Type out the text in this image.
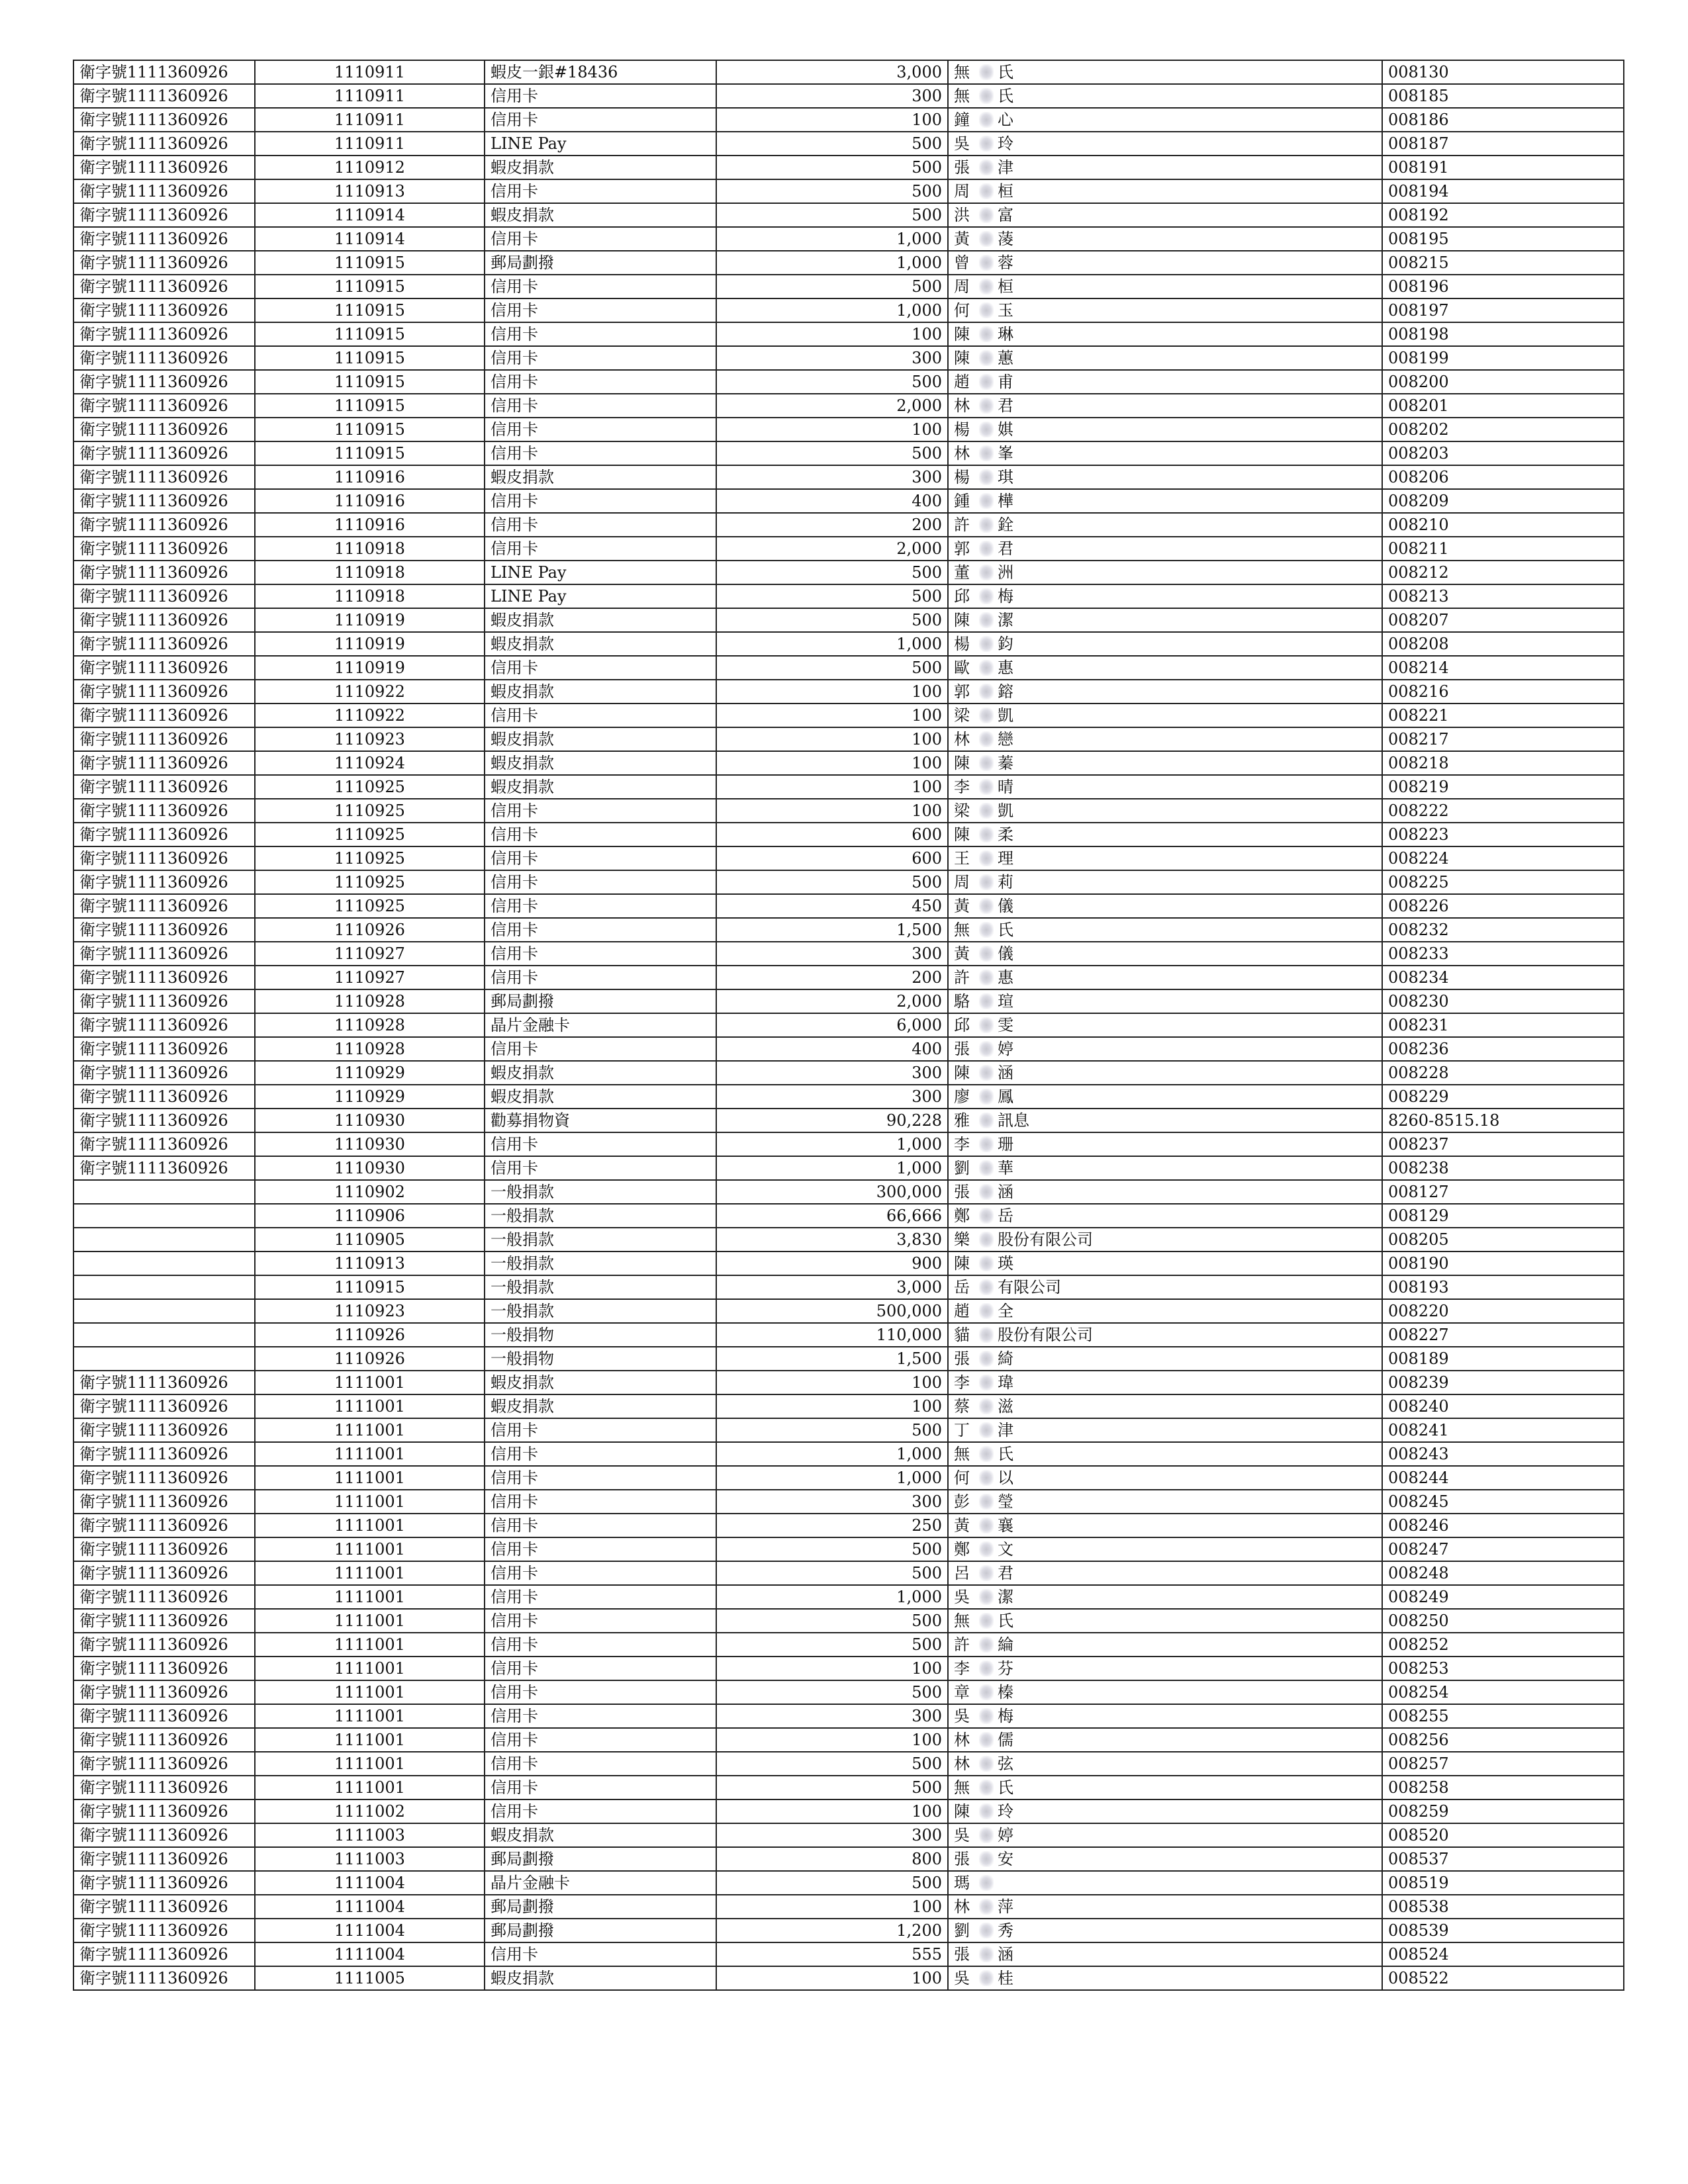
衛字號1111360926	1110911	蝦皮一銀#18436	3,000	無 氏	008130
衛字號1111360926	1110911	信用卡	300	無 氏	008185
衛字號1111360926	1110911	信用卡	100	鐘 心	008186
衛字號1111360926	1110911	LINE Pay	500	吳 玲	008187
衛字號1111360926	1110912	蝦皮捐款	500	張 津	008191
衛字號1111360926	1110913	信用卡	500	周 桓	008194
衛字號1111360926	1110914	蝦皮捐款	500	洪 富	008192
衛字號1111360926	1110914	信用卡	1,000	黃 蓤	008195
衛字號1111360926	1110915	郵局劃撥	1,000	曾 蓉	008215
衛字號1111360926	1110915	信用卡	500	周 桓	008196
衛字號1111360926	1110915	信用卡	1,000	何 玉	008197
衛字號1111360926	1110915	信用卡	100	陳 琳	008198
衛字號1111360926	1110915	信用卡	300	陳 蕙	008199
衛字號1111360926	1110915	信用卡	500	趙 甫	008200
衛字號1111360926	1110915	信用卡	2,000	林 君	008201
衛字號1111360926	1110915	信用卡	100	楊 娸	008202
衛字號1111360926	1110915	信用卡	500	林 峯	008203
衛字號1111360926	1110916	蝦皮捐款	300	楊 琪	008206
衛字號1111360926	1110916	信用卡	400	鍾 樺	008209
衛字號1111360926	1110916	信用卡	200	許 銓	008210
衛字號1111360926	1110918	信用卡	2,000	郭 君	008211
衛字號1111360926	1110918	LINE Pay	500	董 洲	008212
衛字號1111360926	1110918	LINE Pay	500	邱 梅	008213
衛字號1111360926	1110919	蝦皮捐款	500	陳 潔	008207
衛字號1111360926	1110919	蝦皮捐款	1,000	楊 鈞	008208
衛字號1111360926	1110919	信用卡	500	歐 惠	008214
衛字號1111360926	1110922	蝦皮捐款	100	郭 鎔	008216
衛字號1111360926	1110922	信用卡	100	梁 凱	008221
衛字號1111360926	1110923	蝦皮捐款	100	林 戀	008217
衛字號1111360926	1110924	蝦皮捐款	100	陳 蓁	008218
衛字號1111360926	1110925	蝦皮捐款	100	李 晴	008219
衛字號1111360926	1110925	信用卡	100	梁 凱	008222
衛字號1111360926	1110925	信用卡	600	陳 柔	008223
衛字號1111360926	1110925	信用卡	600	王 理	008224
衛字號1111360926	1110925	信用卡	500	周 莉	008225
衛字號1111360926	1110925	信用卡	450	黃 儀	008226
衛字號1111360926	1110926	信用卡	1,500	無 氏	008232
衛字號1111360926	1110927	信用卡	300	黃 儀	008233
衛字號1111360926	1110927	信用卡	200	許 惠	008234
衛字號1111360926	1110928	郵局劃撥	2,000	駱 瑄	008230
衛字號1111360926	1110928	晶片金融卡	6,000	邱 雯	008231
衛字號1111360926	1110928	信用卡	400	張 婷	008236
衛字號1111360926	1110929	蝦皮捐款	300	陳 涵	008228
衛字號1111360926	1110929	蝦皮捐款	300	廖 鳳	008229
衛字號1111360926	1110930	勸募捐物資	90,228	雅 訊息	8260-8515.18
衛字號1111360926	1110930	信用卡	1,000	李 珊	008237
衛字號1111360926	1110930	信用卡	1,000	劉 華	008238
	1110902	一般捐款	300,000	張 涵	008127
	1110906	一般捐款	66,666	鄭 岳	008129
	1110905	一般捐款	3,830	樂 股份有限公司	008205
	1110913	一般捐款	900	陳 瑛	008190
	1110915	一般捐款	3,000	岳 有限公司	008193
	1110923	一般捐款	500,000	趙 全	008220
	1110926	一般捐物	110,000	貓 股份有限公司	008227
	1110926	一般捐物	1,500	張 綺	008189
衛字號1111360926	1111001	蝦皮捐款	100	李 瑋	008239
衛字號1111360926	1111001	蝦皮捐款	100	蔡 滋	008240
衛字號1111360926	1111001	信用卡	500	丁 津	008241
衛字號1111360926	1111001	信用卡	1,000	無 氏	008243
衛字號1111360926	1111001	信用卡	1,000	何 以	008244
衛字號1111360926	1111001	信用卡	300	彭 瑩	008245
衛字號1111360926	1111001	信用卡	250	黃 襄	008246
衛字號1111360926	1111001	信用卡	500	鄭 文	008247
衛字號1111360926	1111001	信用卡	500	呂 君	008248
衛字號1111360926	1111001	信用卡	1,000	吳 潔	008249
衛字號1111360926	1111001	信用卡	500	無 氏	008250
衛字號1111360926	1111001	信用卡	500	許 綸	008252
衛字號1111360926	1111001	信用卡	100	李 芬	008253
衛字號1111360926	1111001	信用卡	500	章 榛	008254
衛字號1111360926	1111001	信用卡	300	吳 梅	008255
衛字號1111360926	1111001	信用卡	100	林 儒	008256
衛字號1111360926	1111001	信用卡	500	林 弦	008257
衛字號1111360926	1111001	信用卡	500	無 氏	008258
衛字號1111360926	1111002	信用卡	100	陳 玲	008259
衛字號1111360926	1111003	蝦皮捐款	300	吳 婷	008520
衛字號1111360926	1111003	郵局劃撥	800	張 安	008537
衛字號1111360926	1111004	晶片金融卡	500	瑪	008519
衛字號1111360926	1111004	郵局劃撥	100	林 萍	008538
衛字號1111360926	1111004	郵局劃撥	1,200	劉 秀	008539
衛字號1111360926	1111004	信用卡	555	張 涵	008524
衛字號1111360926	1111005	蝦皮捐款	100	吳 桂	008522
